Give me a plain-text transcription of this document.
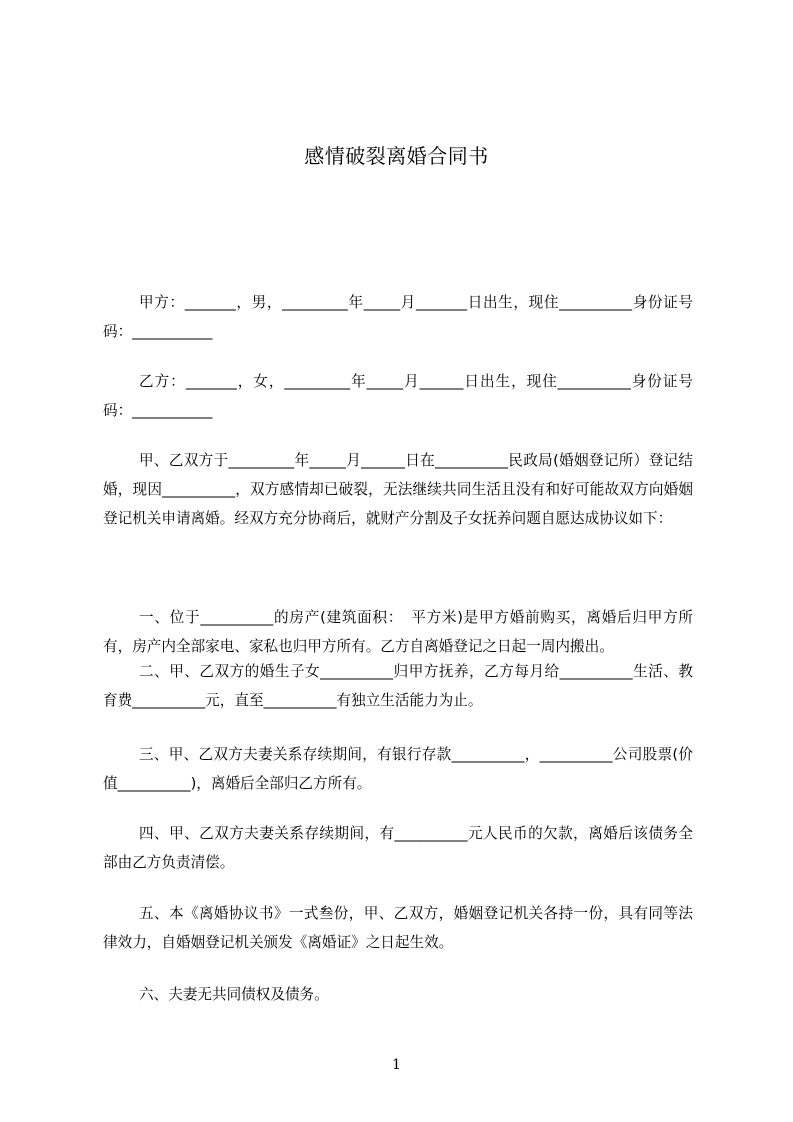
感情破裂离婚合同书

甲方：_______，男，_________年_____月_______日出生，现住__________身份证号码：___________

乙方：_______，女，_________年_____月______日出生，现住__________身份证号码：___________

甲、乙双方于_________年_____月______日在__________民政局(婚姻登记所）登记结婚，现因__________，双方感情却已破裂，无法继续共同生活且没有和好可能故双方向婚姻登记机关申请离婚。经双方充分协商后，就财产分割及子女抚养问题自愿达成协议如下：

一、位于__________的房产(建筑面积：　平方米)是甲方婚前购买，离婚后归甲方所有，房产内全部家电、家私也归甲方所有。乙方自离婚登记之日起一周内搬出。

二、甲、乙双方的婚生子女__________归甲方抚养，乙方每月给__________生活、教育费__________元，直至__________有独立生活能力为止。

三、甲、乙双方夫妻关系存续期间，有银行存款__________，__________公司股票(价值__________)，离婚后全部归乙方所有。

四、甲、乙双方夫妻关系存续期间，有__________元人民币的欠款，离婚后该债务全部由乙方负责清偿。

五、本《离婚协议书》一式叁份，甲、乙双方，婚姻登记机关各持一份，具有同等法律效力，自婚姻登记机关颁发《离婚证》之日起生效。

六、夫妻无共同债权及债务。

1
